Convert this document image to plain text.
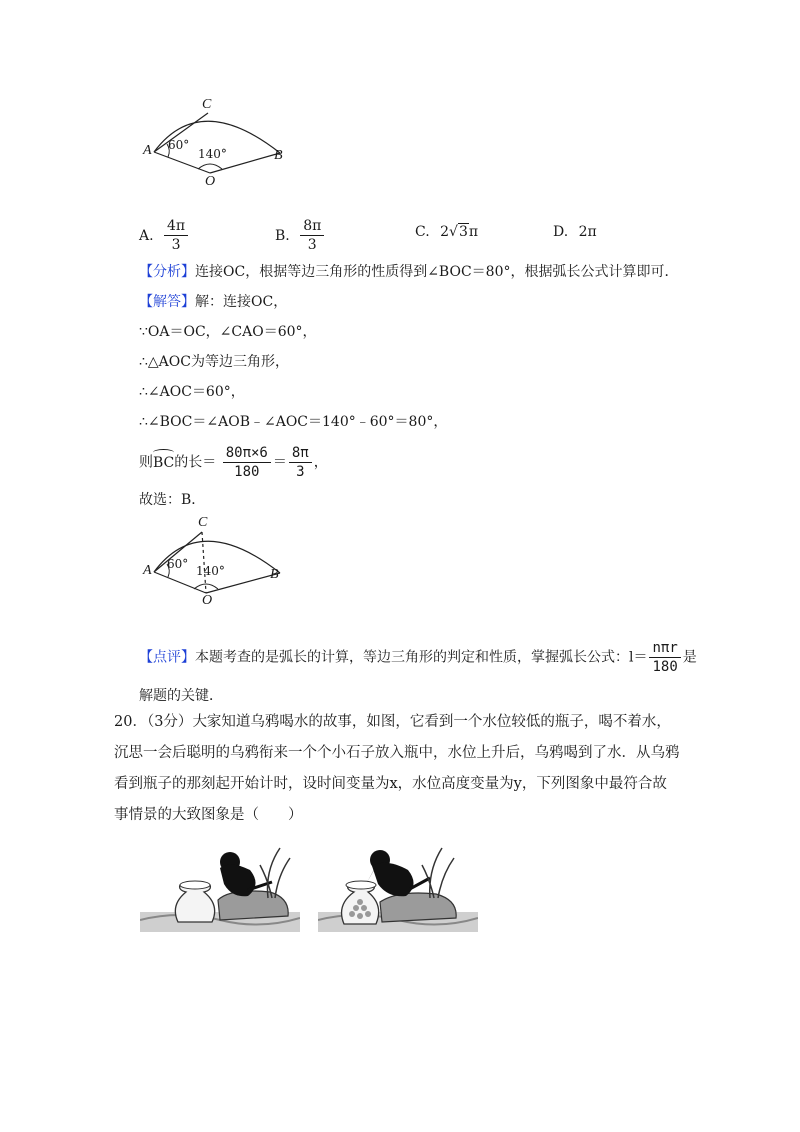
C
A	B
O
60°
140°
A. $\frac{4\pi}{3}$	B. $\frac{8\pi}{3}$	C. 2√3π	D. 2π
【分析】连接OC，根据等边三角形的性质得到∠BOC＝80°，根据弧长公式计算即可．
【解答】解：连接OC，
∵OA＝OC，∠CAO＝60°，
∴△AOC为等边三角形，
∴∠AOC＝60°，
∴∠BOC＝∠AOB﹣∠AOC＝140°﹣60°＝80°，
则
BC的长＝ $\frac{80\pi\times 6}{180} = \frac{8\pi}{3}$ ，
故选：B．
C
A	B
O
60° 140°
【点评】本题考查的是弧长的计算，等边三角形的判定和性质，掌握弧长公式：$l= \frac{\text{nπr}}{180}$ 是
解题的关键．
20．（3分）大家知道乌鸦喝水的故事，如图，它看到一个水位较低的瓶子，喝不着水，沉思一会后聪明的乌鸦衔来一个个小石子放入瓶中，水位上升后，乌鸦喝到了水．从乌鸦看到瓶子的那刻起开始计时，设时间变量为x，水位高度变量为y，下列图象中最符合故事情景的大致图象是（　　）
